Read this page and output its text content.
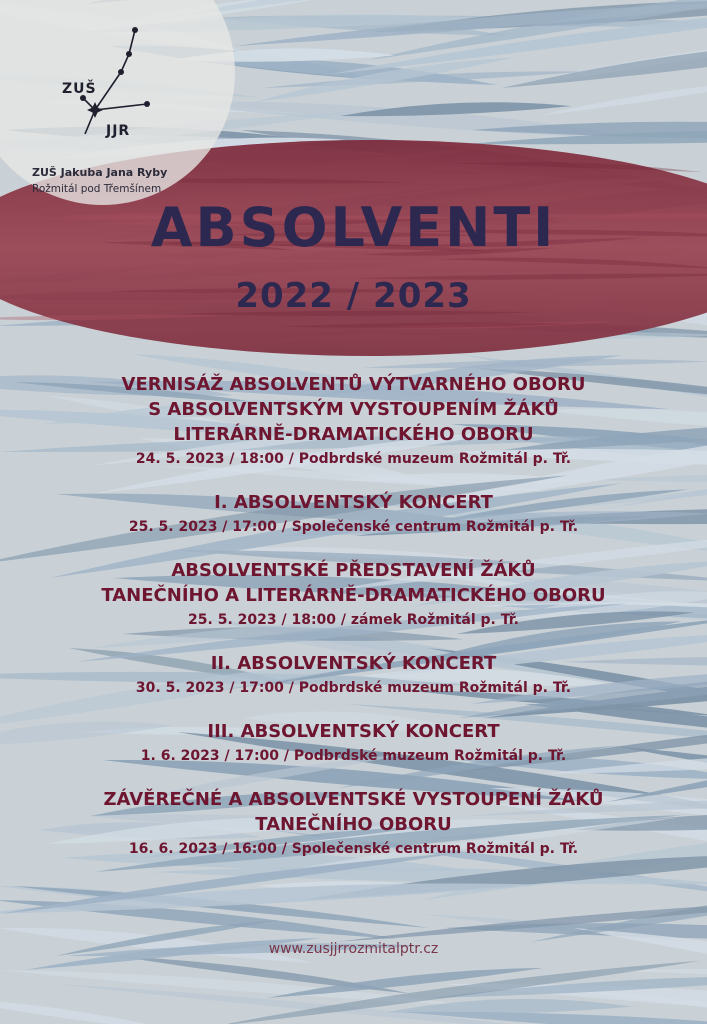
ZUŠ
JJR
ZUŠ Jakuba Jana Ryby
Rožmitál pod Třemšínem
ABSOLVENTI
2022 / 2023
VERNISÁŽ ABSOLVENTŮ VÝTVARNÉHO OBORU
S ABSOLVENTSKÝM VYSTOUPENÍM ŽÁKŮ
LITERÁRNĚ-DRAMATICKÉHO OBORU
24. 5. 2023 / 18:00 / Podbrdské muzeum Rožmitál p. Tř.
I. ABSOLVENTSKÝ KONCERT
25. 5. 2023 / 17:00 / Společenské centrum Rožmitál p. Tř.
ABSOLVENTSKÉ PŘEDSTAVENÍ ŽÁKŮ
TANEČNÍHO A LITERÁRNĚ-DRAMATICKÉHO OBORU
25. 5. 2023 / 18:00 / zámek Rožmitál p. Tř.
II. ABSOLVENTSKÝ KONCERT
30. 5. 2023 / 17:00 / Podbrdské muzeum Rožmitál p. Tř.
III. ABSOLVENTSKÝ KONCERT
1. 6. 2023 / 17:00 / Podbrdské muzeum Rožmitál p. Tř.
ZÁVĚREČNÉ A ABSOLVENTSKÉ VYSTOUPENÍ ŽÁKŮ
TANEČNÍHO OBORU
16. 6. 2023 / 16:00 / Společenské centrum Rožmitál p. Tř.
www.zusjjrrozmitalptr.cz
